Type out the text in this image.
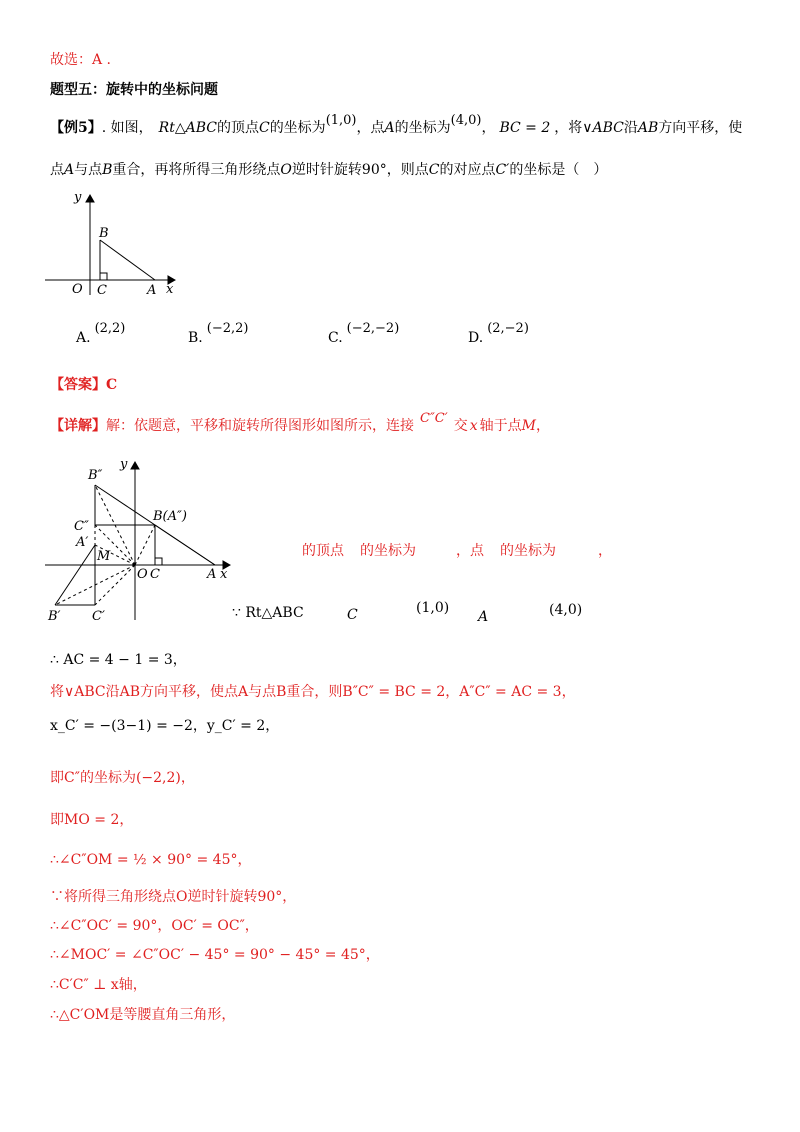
故选：A .
题型五：旋转中的坐标问题
【例5】. 如图， Rt△ABC的顶点C的坐标为(1,0)，点A的坐标为(4,0)， BC = 2 ，将∨ABC沿AB方向平移，使
点A与点B重合，再将所得三角形绕点O逆时针旋转90°，则点C的对应点C′的坐标是（　）
y
x
O
B
C	A
A.(2,2)
B.(−2,2)
C.(−2,−2)
D.(2,−2)
【答案】C
【详解】解：依题意，平移和旋转所得图形如图所示，连接 C″C′ 交 x 轴于点M，
y
x
O C	A
B(A″)
B″
C″
A′
M
B′ C′
的顶点 的坐标为	，点 的坐标为	，
∵ Rt△ABC	C	(1,0)
A	(4,0)
∴ AC = 4 − 1 = 3，
将∨ABC沿AB方向平移，使点A与点B重合，则B″C″ = BC = 2，A″C″ = AC = 3，
x_C′ = −(3−1) = −2，y_C′ = 2，
即C″的坐标为(−2,2)，
即MO = 2，
∴∠C″OM = ½ × 90° = 45°，
∵将所得三角形绕点O逆时针旋转90°，
∴∠C″OC′ = 90°，OC′ = OC″，
∴∠MOC′ = ∠C″OC′ − 45° = 90° − 45° = 45°，
∴C′C″ ⊥ x轴，
∴△C′OM是等腰直角三角形，
